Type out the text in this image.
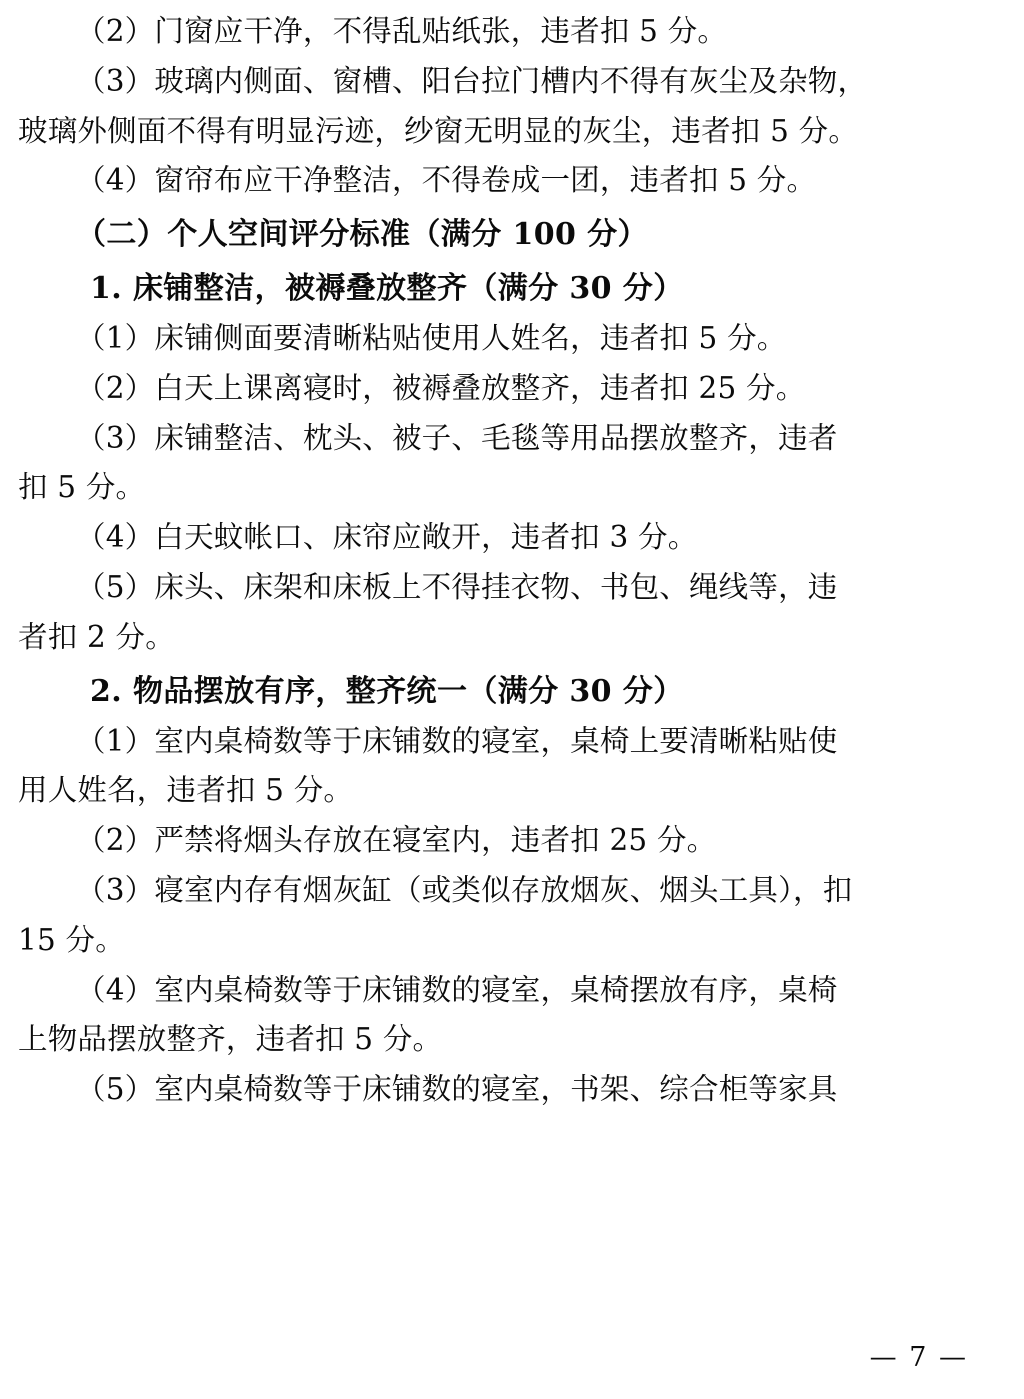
（2）门窗应干净，不得乱贴纸张，违者扣 5 分。
（3）玻璃内侧面、窗槽、阳台拉门槽内不得有灰尘及杂物，
玻璃外侧面不得有明显污迹，纱窗无明显的灰尘，违者扣 5 分。
（4）窗帘布应干净整洁，不得卷成一团，违者扣 5 分。
（二）个人空间评分标准（满分 100 分）
1. 床铺整洁，被褥叠放整齐（满分 30 分）
（1）床铺侧面要清晰粘贴使用人姓名，违者扣 5 分。
（2）白天上课离寝时，被褥叠放整齐，违者扣 25 分。
（3）床铺整洁、枕头、被子、毛毯等用品摆放整齐，违者
扣 5 分。
（4）白天蚊帐口、床帘应敞开，违者扣 3 分。
（5）床头、床架和床板上不得挂衣物、书包、绳线等，违
者扣 2 分。
2. 物品摆放有序，整齐统一（满分 30 分）
（1）室内桌椅数等于床铺数的寝室，桌椅上要清晰粘贴使
用人姓名，违者扣 5 分。
（2）严禁将烟头存放在寝室内，违者扣 25 分。
（3）寝室内存有烟灰缸（或类似存放烟灰、烟头工具），扣
15 分。
（4）室内桌椅数等于床铺数的寝室，桌椅摆放有序，桌椅
上物品摆放整齐，违者扣 5 分。
（5）室内桌椅数等于床铺数的寝室，书架、综合柜等家具
— 7 —
